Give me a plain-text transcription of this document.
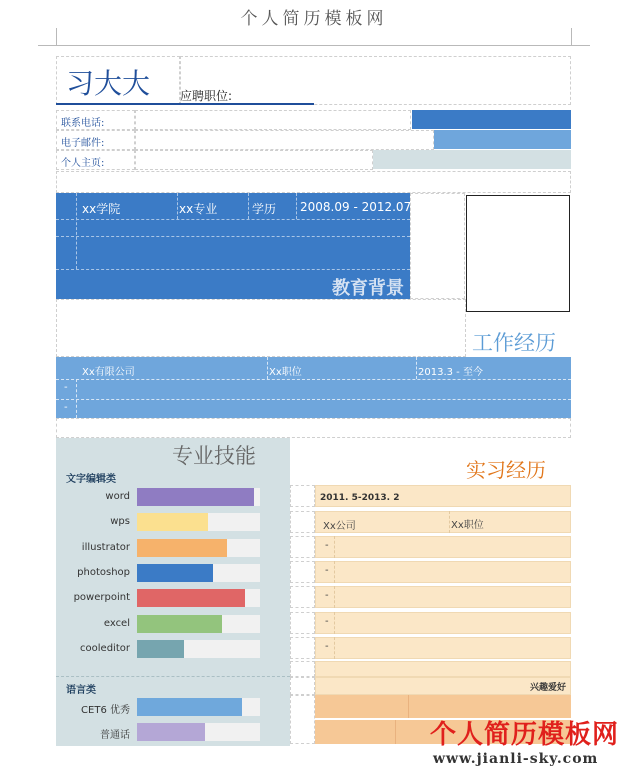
个人简历模板网
习大大 应聘职位:
联系电话:
电子邮件:
个人主页:
xx学院	xx专业	学历 2008.09 - 2012.07
教育背景
工作经历
Xx有限公司	Xx职位	2013.3 - 至今
-
-
专业技能
文字编辑类
word
wps
illustrator
photoshop
powerpoint
excel
cooleditor
语言类
CET6 优秀
普通话
实习经历
2011. 5-2013. 2
Xx公司	Xx职位
-
-
-
-
-
兴趣爱好
个人简历模板网
www.jianli-sky.com
